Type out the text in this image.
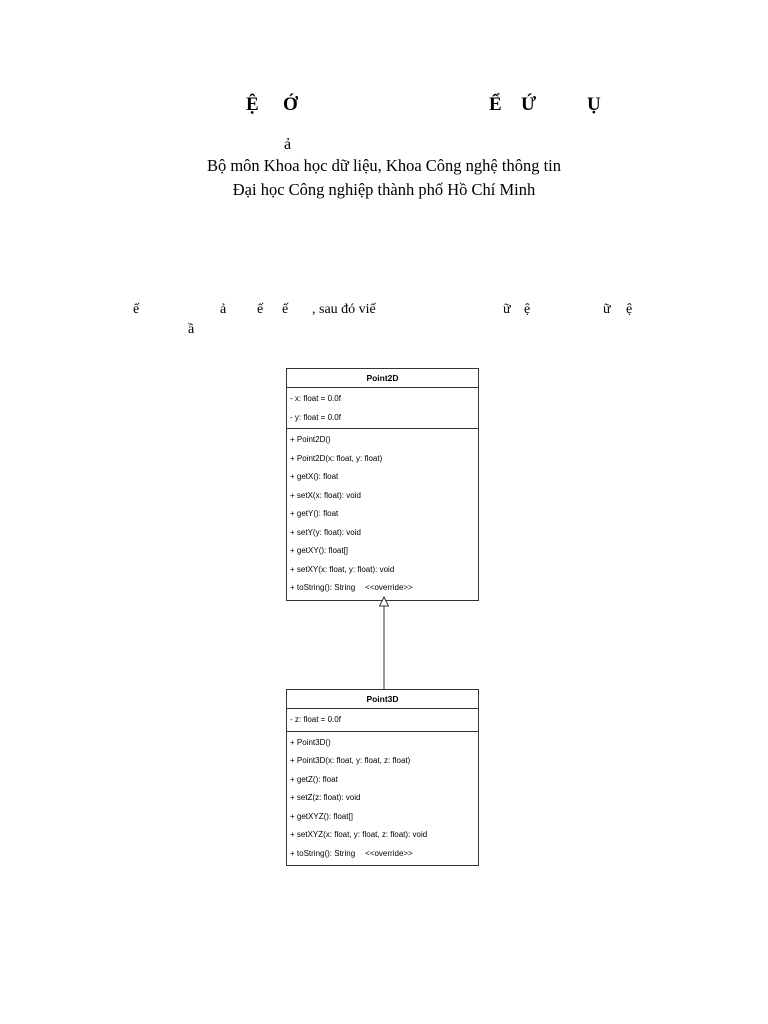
Ệ Ớ	Ể Ứ	Ụ
ả
Bộ môn Khoa học dữ liệu, Khoa Công nghệ thông tin
Đại học Công nghiệp thành phố Hồ Chí Minh
ế	ả ế ế , sau đó viế	ữ ệ	ữ ệ
ầ
Point2D
- x: float = 0.0f
- y: float = 0.0f
+ Point2D()
+ Point2D(x: float, y: float)
+ getX(): float
+ setX(x: float): void
+ getY(): float
+ setY(y: float): void
+ getXY(): float[]
+ setXY(x: float, y: float): void
+ toString(): String <<override>>
Point3D
- z: float = 0.0f
+ Point3D()
+ Point3D(x: float, y: float, z: float)
+ getZ(): float
+ setZ(z: float): void
+ getXYZ(): float[]
+ setXYZ(x: float, y: float, z: float): void
+ toString(): String <<override>>
